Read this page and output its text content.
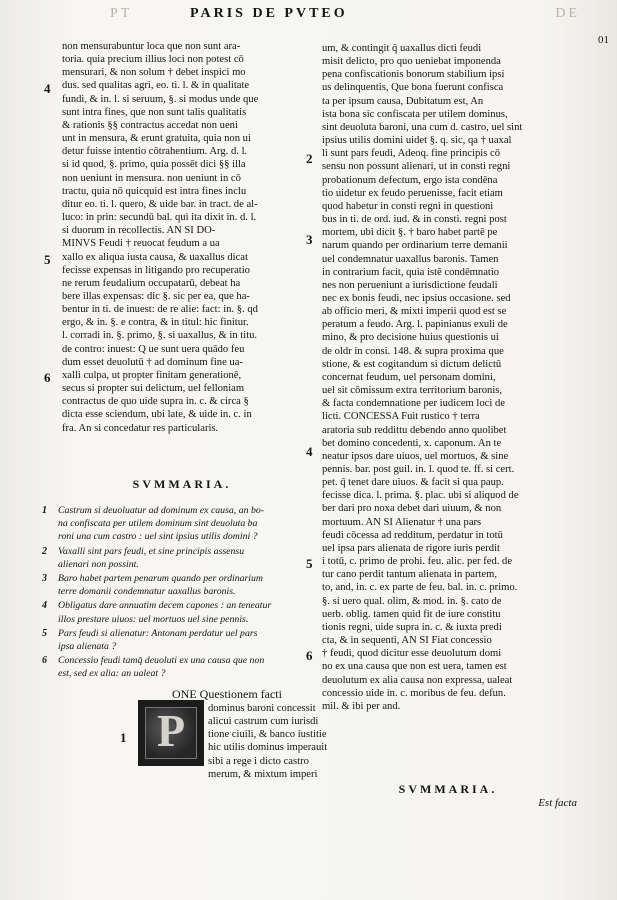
PT	PARIS DE PVTEO	DE
01
non mensurabuntur loca que non sunt ara-
toria. quia precium illius loci non potest cō
mensurari, & non solum † debet inspici mo
dus. sed qualitas agri, eo. ti. l. & in qualitate
fundi, & in. l. si seruum, §. si modus unde que
sunt intra fines, que non sunt talis qualitatis
& rationis §§ contractus accedat non ueni
unt in mensura, & erunt gratuita, quia non ui
detur fuisse intentio cōtrahentium. Arg. d. l.
si id quod, §. primo, quia possēt dici §§ illa
non ueniunt in mensura. non ueniunt in cō
tractu, quia nō quicquid est intra fines inclu
ditur eo. ti. l. quero, & uide bar. in tract. de al-
luco: in prin: secundū bal. qui ita dixit in. d. l.
si duorum in recollectis. AN SI DO-
MINVS Feudi † reuocat feudum a ua
xallo ex aliqua iusta causa, & uaxallus dicat
fecisse expensas in litigando pro recuperatio
ne rerum feudalium occupatarū, debeat ha
bere illas expensas: dic §. sic per ea, que ha-
bentur in ti. de inuest: de re alie: fact: in. §. qd
ergo, & in. §. e contra, & in titul: hic finitur.
l. corradi in. §. primo, §. si uaxallus, & in titu.
de contro: inuest: Q ue sunt uera quādo feu
dum esset deuolutū † ad dominum fine ua-
xalli culpa, ut propter finitam generationē,
secus si propter sui delictum, uel felloniam
contractus de quo uide supra in. c. & circa §
dicta esse sciendum, ubi late, & uide in. c. in
fra. An si concedatur res particularis.
4
5
6
SVMMARIA.
1 Castrum si deuoluatur ad dominum ex causa, an bo-
na confiscata per utilem dominum sint deuoluta ba
roni una cum castro : uel sint ipsius utilis domini ?
2 Vaxalli sint pars feudi, et sine principis assensu
alienari non possint.
3 Baro habet partem penarum quando per ordinarium
terre domanii condemnatur uaxallus baronis.
4 Obligatus dare annuatim decem capones : an teneatur
illos prestare uiuos: uel mortuos uel sine pennis.
5 Pars feudi si alienatur: Antonam perdatur uel pars
ipsa alienata ?
6 Concessio feudi tamq̄ deuoluti ex una causa que non
est, sed ex alia: an ualeat ?
P
1
ONE Questionem facti
dominus baroni concessit
alicui castrum cum iurisdi
tione ciuili, & banco iustitie
hic utilis dominus imperauit
sibi a rege i dicto castro
merum, & mixtum imperi
um, & contingit q̄ uaxallus dicti feudi
misit delicto, pro quo ueniebat imponenda
pena confiscationis bonorum stabilium ipsi
us delinquentis, Que bona fuerunt confisca
ta per ipsum causa, Dubitatum est, An
ista bona sic confiscata per utilem dominus,
sint deuoluta baroni, una cum d. castro, uel sint
ipsius utilis domini uidet §. q. sic, qa † uaxal
li sunt pars feudi, Adeoq. fine principis cō
sensu non possunt alienari, ut in consti regni
probationum defectum, ergo ista condēna
tio uidetur ex feudo peruenisse, facit etiam
quod habetur in consti regni in questioni
bus in ti. de ord. iud. & in consti. regni post
mortem, ubi dicit §. † baro habet partē pe
narum quando per ordinarium terre demanii
uel condemnatur uaxallus baronis. Tamen
in contrarium facit, quia istē condēmnatio
nes non perueniunt a iurisdictione feudali
nec ex bonis feudi, nec ipsius occasione. sed
ab officio meri, & mixti imperii quod est se
peratum a feudo. Arg. l. papinianus exuli de
mino, & pro decisione huius questionis ui
de oldr in consi. 148. & supra proxima que
stione, & est cogitandum si dictum delictū
concernat feudum, uel personam domini,
uel sit cōmissum extra territorium baronis,
& facta condemnatione per iudicem loci de
licti. CONCESSA Fuit rustico † terra
aratoria sub reddittu debendo anno quolibet
bet domino concedenti, x. caponum. An te
neatur ipsos dare uiuos, uel mortuos, & sine
pennis. bar. post guil. in. l. quod te. ff. si cert.
pet. q̄ tenet dare uiuos. & facit si qua paup.
fecisse dica. l. prima. §. plac. ubi si aliquod de
ber dari pro noxa debet dari uiuum, & non
mortuum. AN SI Alienatur † una pars
feudi cōcessa ad redditum, perdatur in totū
uel ipsa pars alienata de rigore iuris perdit
i totū, c. primo de prohi. feu. alic. per fed. de
tur cano perdit tantum alienata in partem,
to, and, in. c. ex parte de feu. bal. in. c. primo.
§. si uero qual. olim, & mod. in. §. cato de
uerb. oblig. tamen quid fit de iure constitu
tionis regni, uide supra in. c. & iuxta predi
cta, & in sequenti, AN SI Fiat concessio
† feudi, quod dicitur esse deuolutum domi
no ex una causa que non est uera, tamen est
deuolutum ex alia causa non expressa, ualeat
concessio uide in. c. moribus de feu. defun.
mil. & ibi per and.
2
3
4
5
6
SVMMARIA.
Est facta
